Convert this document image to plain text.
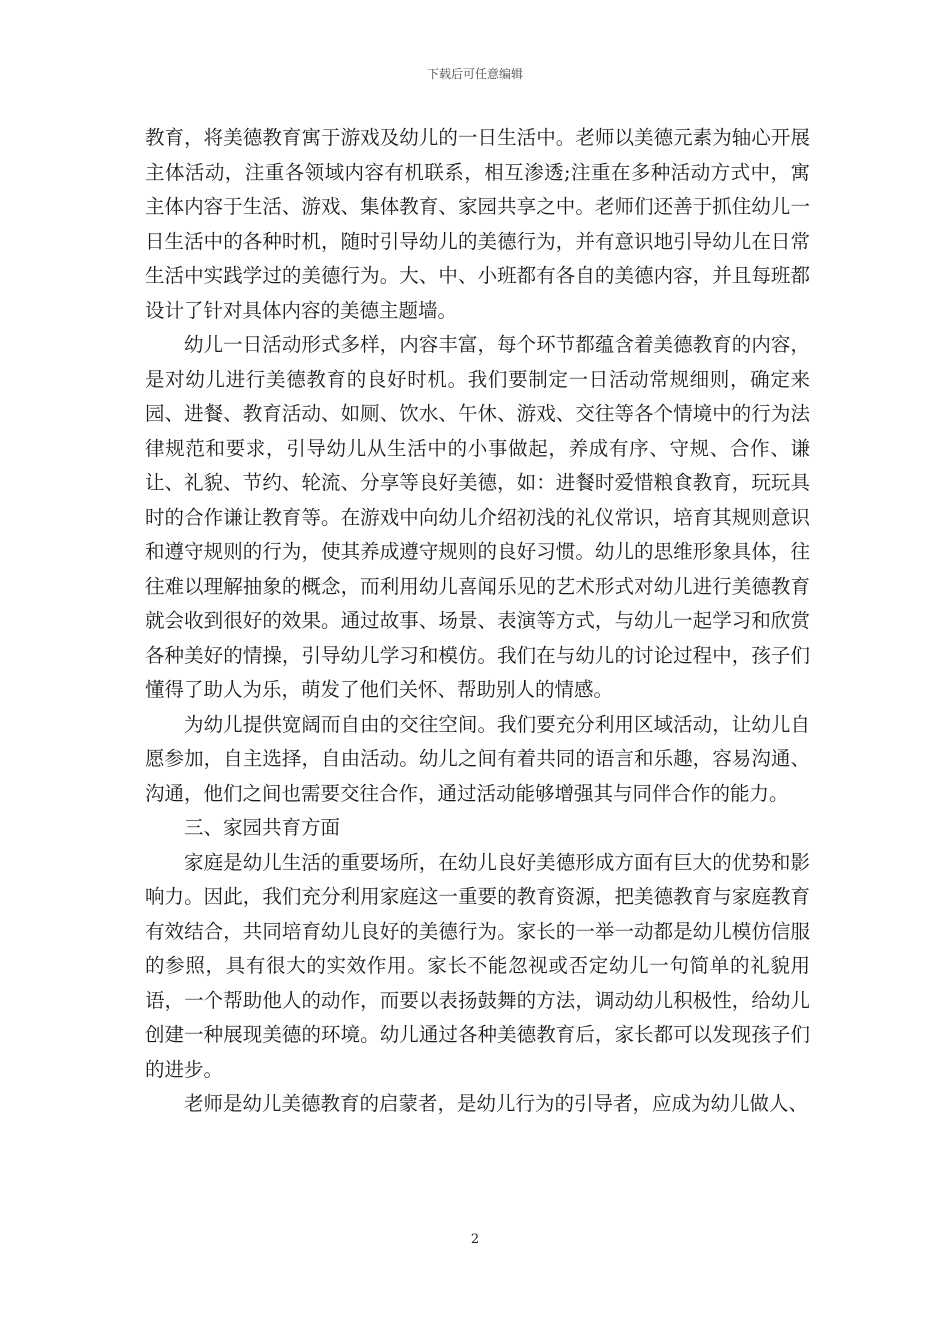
下载后可任意编辑

教育，将美德教育寓于游戏及幼儿的一日生活中。老师以美德元素为轴心开展主体活动，注重各领域内容有机联系，相互渗透;注重在多种活动方式中，寓主体内容于生活、游戏、集体教育、家园共享之中。老师们还善于抓住幼儿一日生活中的各种时机，随时引导幼儿的美德行为，并有意识地引导幼儿在日常生活中实践学过的美德行为。大、中、小班都有各自的美德内容，并且每班都设计了针对具体内容的美德主题墙。

幼儿一日活动形式多样，内容丰富，每个环节都蕴含着美德教育的内容，是对幼儿进行美德教育的良好时机。我们要制定一日活动常规细则，确定来园、进餐、教育活动、如厕、饮水、午休、游戏、交往等各个情境中的行为法律规范和要求，引导幼儿从生活中的小事做起，养成有序、守规、合作、谦让、礼貌、节约、轮流、分享等良好美德，如：进餐时爱惜粮食教育，玩玩具时的合作谦让教育等。在游戏中向幼儿介绍初浅的礼仪常识，培育其规则意识和遵守规则的行为，使其养成遵守规则的良好习惯。幼儿的思维形象具体，往往难以理解抽象的概念，而利用幼儿喜闻乐见的艺术形式对幼儿进行美德教育就会收到很好的效果。通过故事、场景、表演等方式，与幼儿一起学习和欣赏各种美好的情操，引导幼儿学习和模仿。我们在与幼儿的讨论过程中，孩子们懂得了助人为乐，萌发了他们关怀、帮助别人的情感。

为幼儿提供宽阔而自由的交往空间。我们要充分利用区域活动，让幼儿自愿参加，自主选择，自由活动。幼儿之间有着共同的语言和乐趣，容易沟通、沟通，他们之间也需要交往合作，通过活动能够增强其与同伴合作的能力。

三、家园共育方面

家庭是幼儿生活的重要场所，在幼儿良好美德形成方面有巨大的优势和影响力。因此，我们充分利用家庭这一重要的教育资源，把美德教育与家庭教育有效结合，共同培育幼儿良好的美德行为。家长的一举一动都是幼儿模仿信服的参照，具有很大的实效作用。家长不能忽视或否定幼儿一句简单的礼貌用语，一个帮助他人的动作，而要以表扬鼓舞的方法，调动幼儿积极性，给幼儿创建一种展现美德的环境。幼儿通过各种美德教育后，家长都可以发现孩子们的进步。

老师是幼儿美德教育的启蒙者，是幼儿行为的引导者，应成为幼儿做人、

2
